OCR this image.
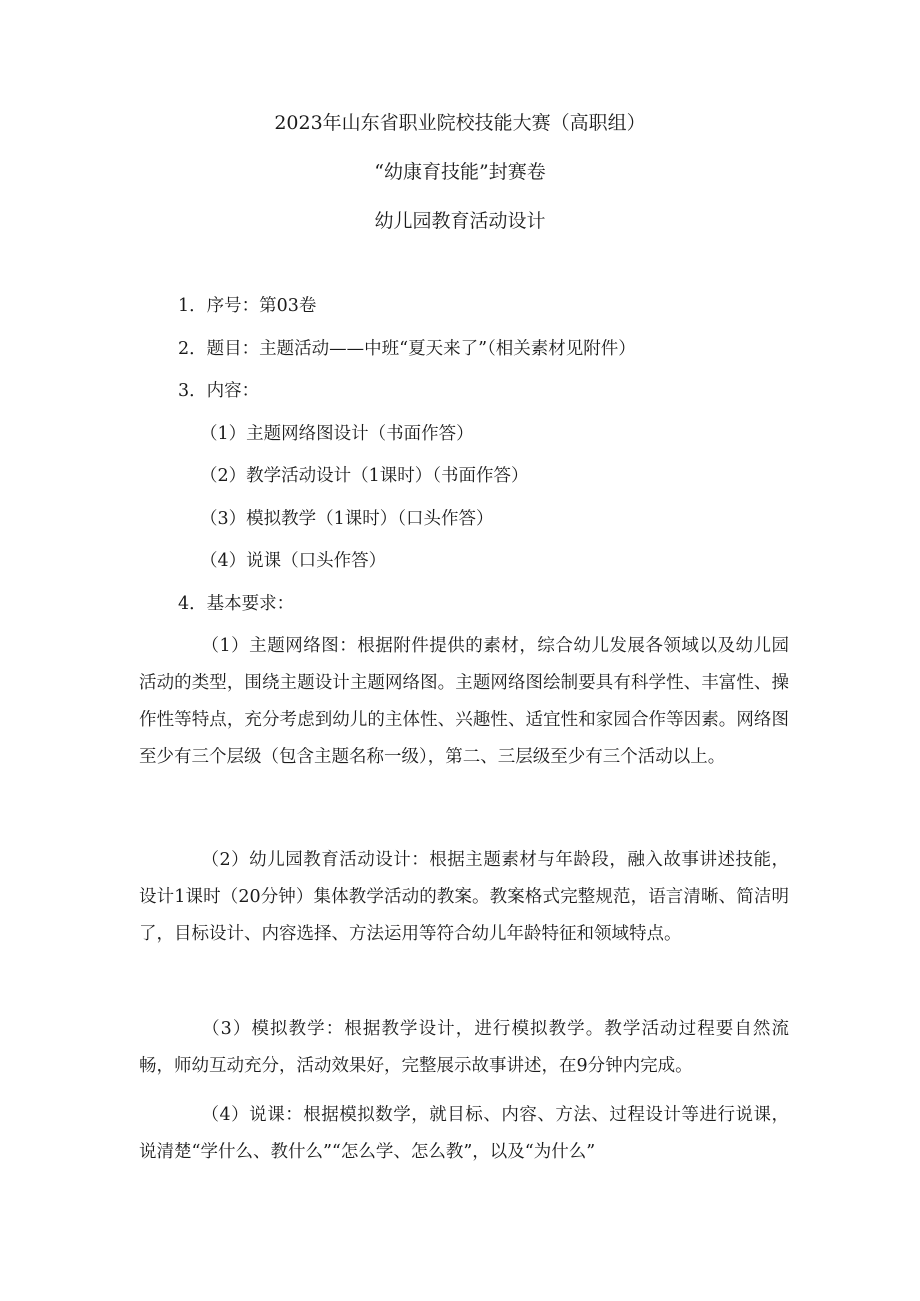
2023年山东省职业院校技能大赛（高职组）
“幼康育技能”封赛卷
幼儿园教育活动设计
1．序号：第03卷
2．题目：主题活动——中班“夏天来了”（相关素材见附件）
3．内容：
（1）主题网络图设计（书面作答）
（2）教学活动设计（1课时）（书面作答）
（3）模拟教学（1课时）（口头作答）
（4）说课（口头作答）
4．基本要求：
（1）主题网络图：根据附件提供的素材，综合幼儿发展各领域以及幼儿园活动的类型，围绕主题设计主题网络图。主题网络图绘制要具有科学性、丰富性、操作性等特点，充分考虑到幼儿的主体性、兴趣性、适宜性和家园合作等因素。网络图至少有三个层级（包含主题名称一级），第二、三层级至少有三个活动以上。
（2）幼儿园教育活动设计：根据主题素材与年龄段，融入故事讲述技能，设计1课时（20分钟）集体教学活动的教案。教案格式完整规范，语言清晰、简洁明了，目标设计、内容选择、方法运用等符合幼儿年龄特征和领域特点。
（3）模拟教学：根据教学设计，进行模拟教学。教学活动过程要自然流畅，师幼互动充分，活动效果好，完整展示故事讲述，在9分钟内完成。
（4）说课：根据模拟数学，就目标、内容、方法、过程设计等进行说课，说清楚“学什么、教什么”“怎么学、怎么教”，以及“为什么”
